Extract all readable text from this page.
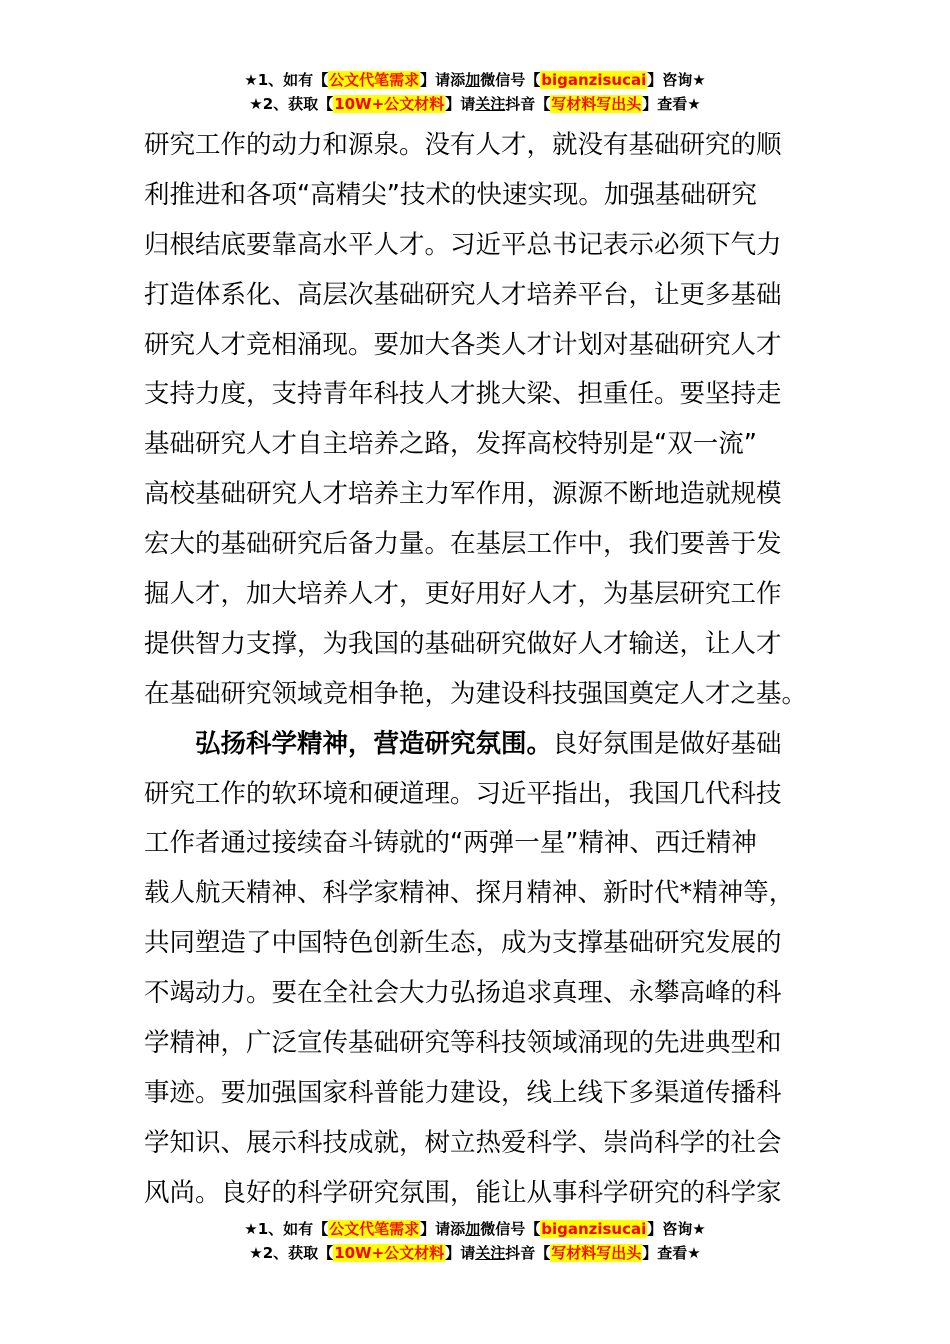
★1、如有【公文代笔需求】请添加微信号【biganzisucai】咨询★
★2、获取【10W+公文材料】请关注抖音【写材料写出头】查看★
研究工作的动力和源泉。没有人才，就没有基础研究的顺
利推进和各项“高精尖”技术的快速实现。加强基础研究
归根结底要靠高水平人才。习近平总书记表示必须下气力
打造体系化、高层次基础研究人才培养平台，让更多基础
研究人才竞相涌现。要加大各类人才计划对基础研究人才
支持力度，支持青年科技人才挑大梁、担重任。要坚持走
基础研究人才自主培养之路，发挥高校特别是“双一流”
高校基础研究人才培养主力军作用，源源不断地造就规模
宏大的基础研究后备力量。在基层工作中，我们要善于发
掘人才，加大培养人才，更好用好人才，为基层研究工作
提供智力支撑，为我国的基础研究做好人才输送，让人才
在基础研究领域竞相争艳，为建设科技强国奠定人才之基。
弘扬科学精神，营造研究氛围。良好氛围是做好基础
研究工作的软环境和硬道理。习近平指出，我国几代科技
工作者通过接续奋斗铸就的“两弹一星”精神、西迁精神
载人航天精神、科学家精神、探月精神、新时代*精神等，
共同塑造了中国特色创新生态，成为支撑基础研究发展的
不竭动力。要在全社会大力弘扬追求真理、永攀高峰的科
学精神，广泛宣传基础研究等科技领域涌现的先进典型和
事迹。要加强国家科普能力建设，线上线下多渠道传播科
学知识、展示科技成就，树立热爱科学、崇尚科学的社会
风尚。良好的科学研究氛围，能让从事科学研究的科学家
★1、如有【公文代笔需求】请添加微信号【biganzisucai】咨询★
★2、获取【10W+公文材料】请关注抖音【写材料写出头】查看★
